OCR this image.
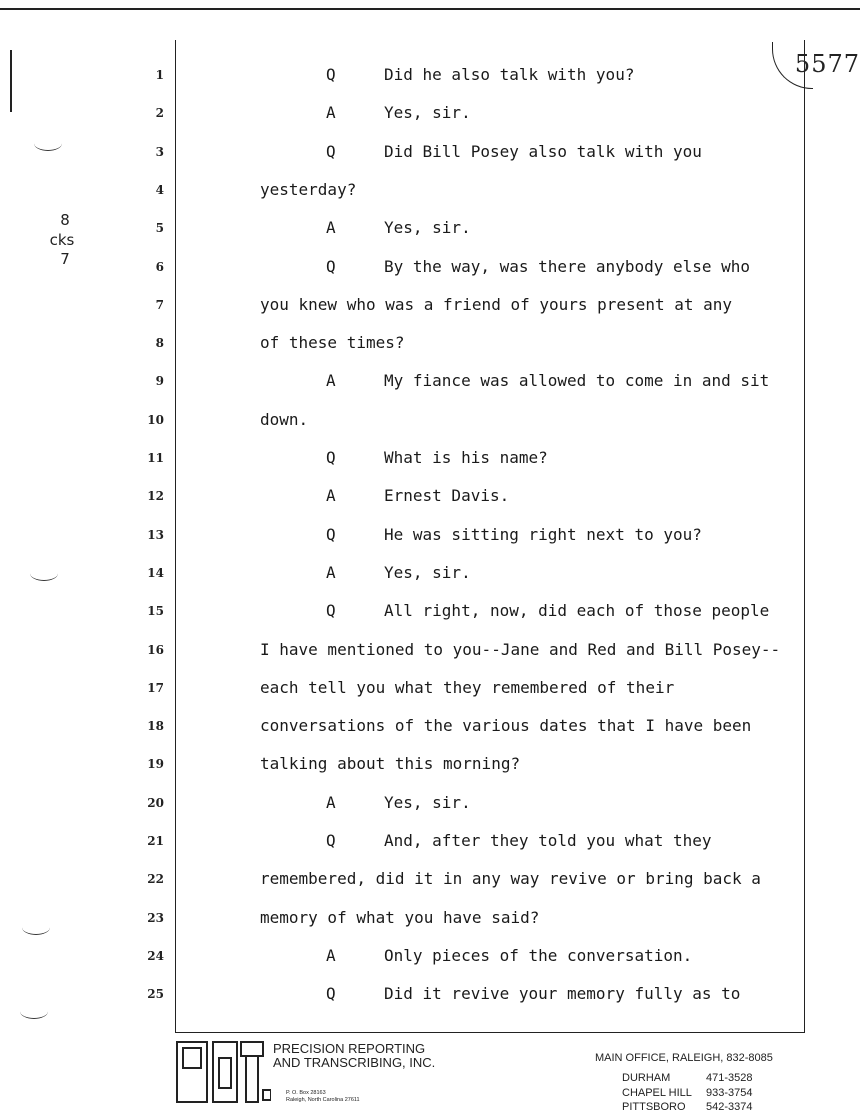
8
cks
7
5577
1	Q	Did he also talk with you?
2	A	Yes, sir.
3	Q	Did Bill Posey also talk with you
4	yesterday?
5	A	Yes, sir.
6	Q	By the way, was there anybody else who
7	you knew who was a friend of yours present at any
8	of these times?
9	A	My fiance was allowed to come in and sit
10	down.
11	Q	What is his name?
12	A	Ernest Davis.
13	Q	He was sitting right next to you?
14	A	Yes, sir.
15	Q	All right, now, did each of those people
16	I have mentioned to you--Jane and Red and Bill Posey--
17	each tell you what they remembered of their
18	conversations of the various dates that I have been
19	talking about this morning?
20	A	Yes, sir.
21	Q	And, after they told you what they
22	remembered, did it in any way revive or bring back a
23	memory of what you have said?
24	A	Only pieces of the conversation.
25	Q	Did it revive your memory fully as to
PRECISION REPORTING
AND TRANSCRIBING, INC.
P. O. Box 28163
Raleigh, North Carolina 27611
MAIN OFFICE, RALEIGH, 832-8085
DURHAM	471-3528
CHAPEL HILL 933-3754
PITTSBORO 542-3374
